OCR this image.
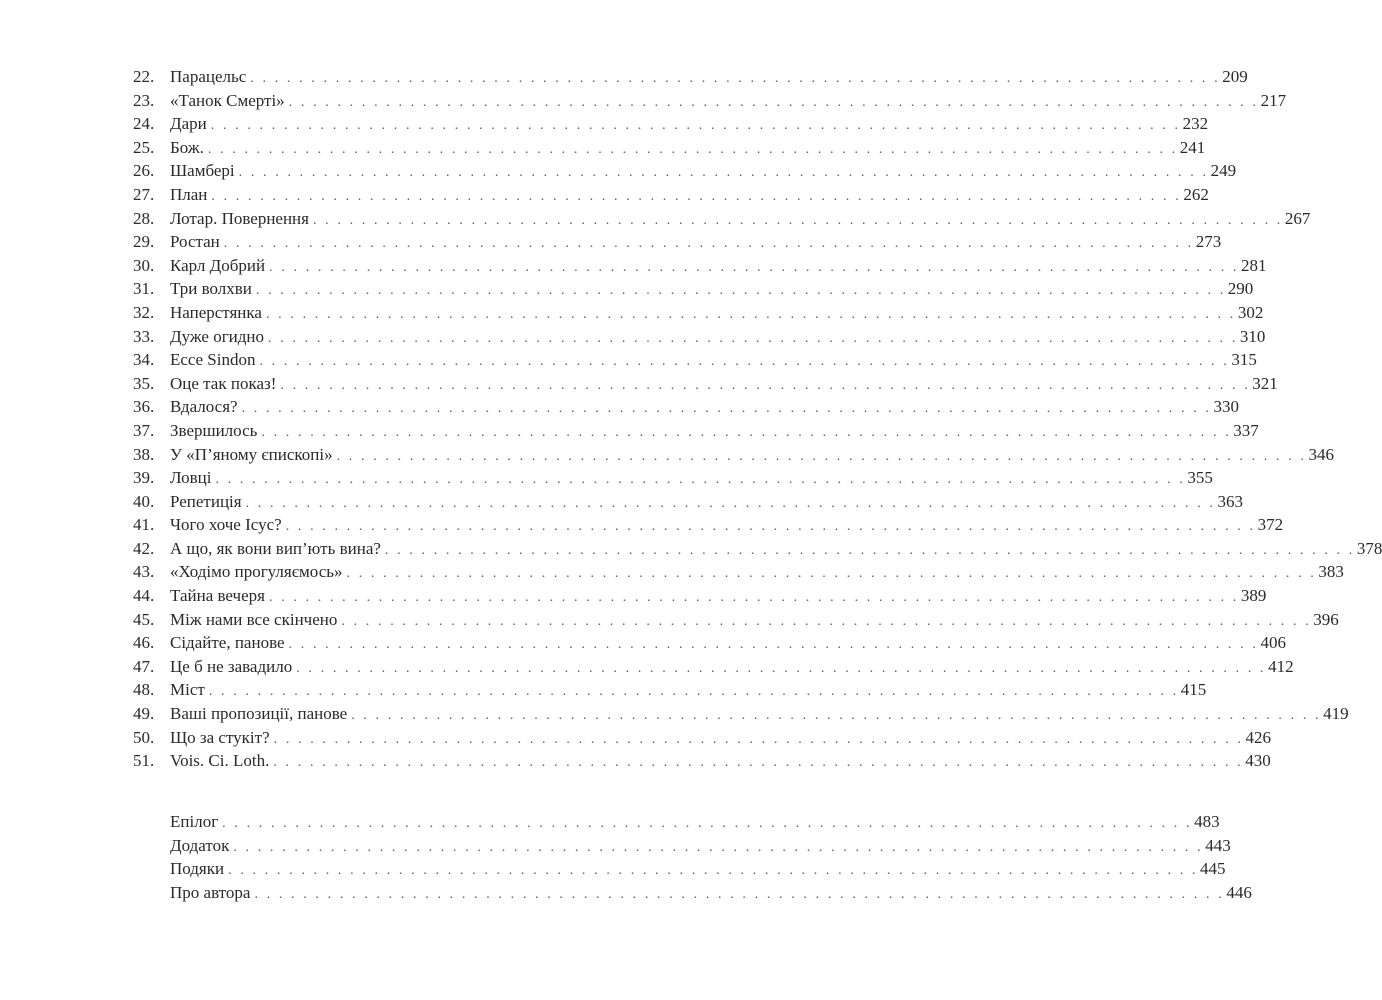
22. Парацельс . . . . . . . . . . . . . . . . . . . . . . . . . . . . . . . . . . . . . . . . . . . . . . . . . . . . . . . . . . . . . . . . . . . . . . . . . . . . . . . . 209
23. «Танок Смерті» . . . . . . . . . . . . . . . . . . . . . . . . . . . . . . . . . . . . . . . . . . . . . . . . . . . . . . . . . . . . . . . . . . . . . . . . . . . . . . . . 217
24. Дари . . . . . . . . . . . . . . . . . . . . . . . . . . . . . . . . . . . . . . . . . . . . . . . . . . . . . . . . . . . . . . . . . . . . . . . . . . . . . . . . 232
25. Бож. . . . . . . . . . . . . . . . . . . . . . . . . . . . . . . . . . . . . . . . . . . . . . . . . . . . . . . . . . . . . . . . . . . . . . . . . . . . . . . . . 241
26. Шамбері . . . . . . . . . . . . . . . . . . . . . . . . . . . . . . . . . . . . . . . . . . . . . . . . . . . . . . . . . . . . . . . . . . . . . . . . . . . . . . . . 249
27. План . . . . . . . . . . . . . . . . . . . . . . . . . . . . . . . . . . . . . . . . . . . . . . . . . . . . . . . . . . . . . . . . . . . . . . . . . . . . . . . . 262
28. Лотар. Повернення . . . . . . . . . . . . . . . . . . . . . . . . . . . . . . . . . . . . . . . . . . . . . . . . . . . . . . . . . . . . . . . . . . . . . . . . . . . . . . . . 267
29. Ростан . . . . . . . . . . . . . . . . . . . . . . . . . . . . . . . . . . . . . . . . . . . . . . . . . . . . . . . . . . . . . . . . . . . . . . . . . . . . . . . . 273
30. Карл Добрий . . . . . . . . . . . . . . . . . . . . . . . . . . . . . . . . . . . . . . . . . . . . . . . . . . . . . . . . . . . . . . . . . . . . . . . . . . . . . . . . 281
31. Три волхви . . . . . . . . . . . . . . . . . . . . . . . . . . . . . . . . . . . . . . . . . . . . . . . . . . . . . . . . . . . . . . . . . . . . . . . . . . . . . . . . 290
32. Наперстянка . . . . . . . . . . . . . . . . . . . . . . . . . . . . . . . . . . . . . . . . . . . . . . . . . . . . . . . . . . . . . . . . . . . . . . . . . . . . . . . . 302
33. Дуже огидно . . . . . . . . . . . . . . . . . . . . . . . . . . . . . . . . . . . . . . . . . . . . . . . . . . . . . . . . . . . . . . . . . . . . . . . . . . . . . . . . 310
34. Ecce Sindon . . . . . . . . . . . . . . . . . . . . . . . . . . . . . . . . . . . . . . . . . . . . . . . . . . . . . . . . . . . . . . . . . . . . . . . . . . . . . . . . 315
35. Оце так показ! . . . . . . . . . . . . . . . . . . . . . . . . . . . . . . . . . . . . . . . . . . . . . . . . . . . . . . . . . . . . . . . . . . . . . . . . . . . . . . . . 321
36. Вдалося? . . . . . . . . . . . . . . . . . . . . . . . . . . . . . . . . . . . . . . . . . . . . . . . . . . . . . . . . . . . . . . . . . . . . . . . . . . . . . . . . 330
37. Звершилось . . . . . . . . . . . . . . . . . . . . . . . . . . . . . . . . . . . . . . . . . . . . . . . . . . . . . . . . . . . . . . . . . . . . . . . . . . . . . . . . 337
38. У «П’яному єпископі» . . . . . . . . . . . . . . . . . . . . . . . . . . . . . . . . . . . . . . . . . . . . . . . . . . . . . . . . . . . . . . . . . . . . . . . . . . . . . . . . 346
39. Ловці . . . . . . . . . . . . . . . . . . . . . . . . . . . . . . . . . . . . . . . . . . . . . . . . . . . . . . . . . . . . . . . . . . . . . . . . . . . . . . . . 355
40. Репетиція . . . . . . . . . . . . . . . . . . . . . . . . . . . . . . . . . . . . . . . . . . . . . . . . . . . . . . . . . . . . . . . . . . . . . . . . . . . . . . . . 363
41. Чого хоче Ісус? . . . . . . . . . . . . . . . . . . . . . . . . . . . . . . . . . . . . . . . . . . . . . . . . . . . . . . . . . . . . . . . . . . . . . . . . . . . . . . . . 372
42. А що, як вони вип’ють вина? . . . . . . . . . . . . . . . . . . . . . . . . . . . . . . . . . . . . . . . . . . . . . . . . . . . . . . . . . . . . . . . . . . . . . . . . . . . . . . . . 378
43. «Ходімо прогуляємось» . . . . . . . . . . . . . . . . . . . . . . . . . . . . . . . . . . . . . . . . . . . . . . . . . . . . . . . . . . . . . . . . . . . . . . . . . . . . . . . . 383
44. Тайна вечеря . . . . . . . . . . . . . . . . . . . . . . . . . . . . . . . . . . . . . . . . . . . . . . . . . . . . . . . . . . . . . . . . . . . . . . . . . . . . . . . . 389
45. Між нами все скінчено . . . . . . . . . . . . . . . . . . . . . . . . . . . . . . . . . . . . . . . . . . . . . . . . . . . . . . . . . . . . . . . . . . . . . . . . . . . . . . . . 396
46. Сідайте, панове . . . . . . . . . . . . . . . . . . . . . . . . . . . . . . . . . . . . . . . . . . . . . . . . . . . . . . . . . . . . . . . . . . . . . . . . . . . . . . . . 406
47. Це б не завадило . . . . . . . . . . . . . . . . . . . . . . . . . . . . . . . . . . . . . . . . . . . . . . . . . . . . . . . . . . . . . . . . . . . . . . . . . . . . . . . . 412
48. Міст . . . . . . . . . . . . . . . . . . . . . . . . . . . . . . . . . . . . . . . . . . . . . . . . . . . . . . . . . . . . . . . . . . . . . . . . . . . . . . . . 415
49. Ваші пропозиції, панове . . . . . . . . . . . . . . . . . . . . . . . . . . . . . . . . . . . . . . . . . . . . . . . . . . . . . . . . . . . . . . . . . . . . . . . . . . . . . . . . 419
50. Що за стукіт? . . . . . . . . . . . . . . . . . . . . . . . . . . . . . . . . . . . . . . . . . . . . . . . . . . . . . . . . . . . . . . . . . . . . . . . . . . . . . . . . 426
51. Vois. Ci. Loth. . . . . . . . . . . . . . . . . . . . . . . . . . . . . . . . . . . . . . . . . . . . . . . . . . . . . . . . . . . . . . . . . . . . . . . . . . . . . . . . . 430
Епілог . . . . . . . . . . . . . . . . . . . . . . . . . . . . . . . . . . . . . . . . . . . . . . . . . . . . . . . . . . . . . . . . . . . . . . . . . . . . . . . . 483
Додаток . . . . . . . . . . . . . . . . . . . . . . . . . . . . . . . . . . . . . . . . . . . . . . . . . . . . . . . . . . . . . . . . . . . . . . . . . . . . . . . . 443
Подяки . . . . . . . . . . . . . . . . . . . . . . . . . . . . . . . . . . . . . . . . . . . . . . . . . . . . . . . . . . . . . . . . . . . . . . . . . . . . . . . . 445
Про автора . . . . . . . . . . . . . . . . . . . . . . . . . . . . . . . . . . . . . . . . . . . . . . . . . . . . . . . . . . . . . . . . . . . . . . . . . . . . . . . . 446
